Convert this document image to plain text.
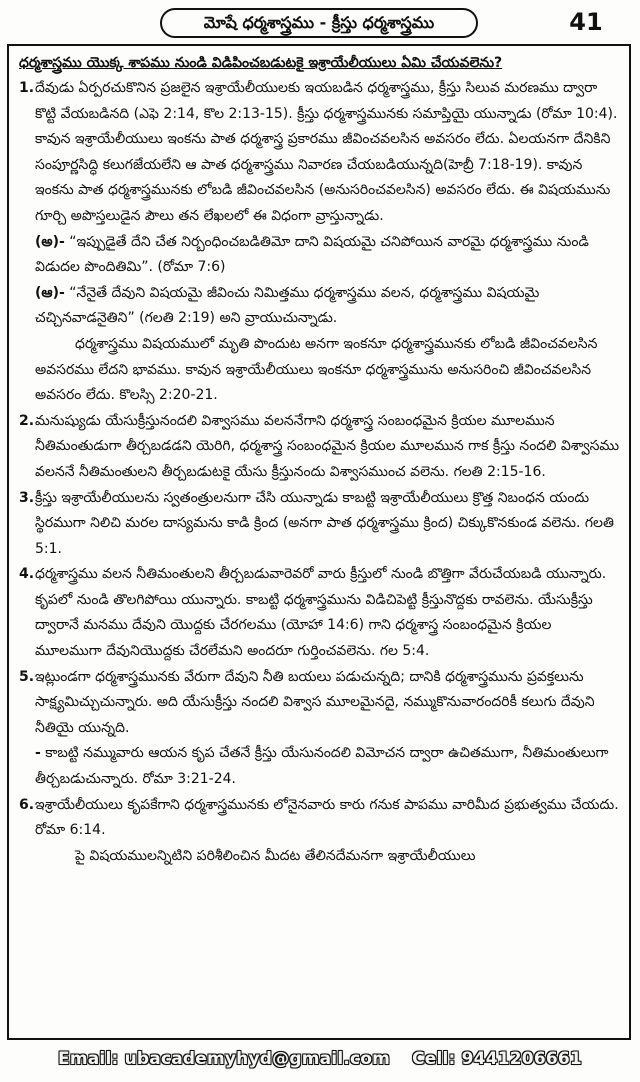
మోషే ధర్మశాస్త్రము - క్రీస్తు ధర్మశాస్త్రము	41
ధర్మశాస్త్రము యొక్క శాపము నుండి విడిపించబడుటకై ఇశ్రాయేలీయులు ఏమి చేయవలెను?
1. దేవుడు ఏర్పరచుకొనిన ప్రజలైన ఇశ్రాయేలీయులకు ఇయబడిన ధర్మశాస్త్రము, క్రీస్తు సిలువ మరణము ద్వారా కొట్టి వేయబడినది (ఎఫె 2:14, కొల 2:13-15). క్రీస్తు ధర్మశాస్త్రమునకు సమాప్తియై యున్నాడు (రోమా 10:4). కావున ఇశ్రాయేలీయులు ఇంకను పాత ధర్మశాస్త్ర ప్రకారము జీవించవలసిన అవసరం లేదు. ఏలయనగా దేనికిని సంపూర్ణసిద్ధి కలుగజేయలేని ఆ పాత ధర్మశాస్త్రము నివారణ చేయబడియున్నది(హెబ్రీ 7:18-19). కావున ఇంకను పాత ధర్మశాస్త్రమునకు లోబడి జీవించవలసిన (అనుసరించవలసిన) అవసరం లేదు. ఈ విషయమును గూర్చి అపొస్తలుడైన పౌలు తన లేఖలలో ఈ విధంగా వ్రాస్తున్నాడు.

(అ)- “ఇప్పుడైతే దేని చేత నిర్బంధించబడితిమో దాని విషయమై చనిపోయిన వారమై ధర్మశాస్త్రము నుండి విడుదల పొందితిమి”. (రోమా 7:6)

(ఆ)- “నేనైతే దేవుని విషయమై జీవించు నిమిత్తము ధర్మశాస్త్రము వలన, ధర్మశాస్త్రము విషయమై చచ్చినవాడనైతిని” (గలతి 2:19) అని వ్రాయుచున్నాడు.

ధర్మశాస్త్రము విషయములో మృతి పొందుట అనగా ఇంకనూ ధర్మశాస్త్రమునకు లోబడి జీవించవలసిన అవసరము లేదని భావము. కావున ఇశ్రాయేలీయులు ఇంకనూ ధర్మశాస్త్రమును అనుసరించి జీవించవలసిన అవసరం లేదు. కొలస్సి 2:20-21.

2. మనుష్యుడు యేసుక్రీస్తునందలి విశ్వాసము వలననేగాని ధర్మశాస్త్ర సంబంధమైన క్రియల మూలమున నీతిమంతుడుగా తీర్చబడడని యెరిగి, ధర్మశాస్త్ర సంబంధమైన క్రియల మూలమున గాక క్రీస్తు నందలి విశ్వాసము వలననే నీతిమంతులని తీర్చబడుటకై యేసు క్రీస్తునందు విశ్వాసముంచ వలెను. గలతి 2:15-16.
3. క్రీస్తు ఇశ్రాయేలీయులను స్వతంత్రులనుగా చేసి యున్నాడు కాబట్టి ఇశ్రాయేలీయులు క్రొత్త నిబంధన యందు స్థిరముగా నిలిచి మరల దాస్యమను కాడి క్రింద (అనగా పాత ధర్మశాస్త్రము క్రింద) చిక్కుకొనకుండ వలెను. గలతి 5:1.
4. ధర్మశాస్త్రము వలన నీతిమంతులని తీర్చబడువారెవరో వారు క్రీస్తులో నుండి బొత్తిగా వేరుచేయబడి యున్నారు. కృపలో నుండి తొలగిపోయి యున్నారు. కాబట్టి ధర్మశాస్త్రమును విడిచిపెట్టి క్రీస్తునొద్దకు రావలెను. యేసుక్రీస్తు ద్వారానే మనము దేవుని యొద్దకు చేరగలము (యోహా 14:6) గాని ధర్మశాస్త్ర సంబంధమైన క్రియల మూలముగా దేవునియొద్దకు చేరలేమని అందరూ గుర్తించవలెను. గల 5:4.
5. ఇట్లుండగా ధర్మశాస్త్రమునకు వేరుగా దేవుని నీతి బయలు పడుచున్నది; దానికి ధర్మశాస్త్రమును ప్రవక్తలును సాక్ష్యమిచ్చుచున్నారు. అది యేసుక్రీస్తు నందలి విశ్వాస మూలమైనదై, నమ్ముకొనువారందరికీ కలుగు దేవుని నీతియై యున్నది.

- కాబట్టి నమ్మువారు ఆయన కృప చేతనే క్రీస్తు యేసునందలి విమోచన ద్వారా ఉచితముగా, నీతిమంతులుగా తీర్చబడుచున్నారు. రోమా 3:21-24.

6. ఇశ్రాయేలీయులు కృపకేగాని ధర్మశాస్త్రమునకు లోనైనవారు కారు గనుక పాపము వారిమీద ప్రభుత్వము చేయదు. రోమా 6:14.

పై విషయములన్నిటిని పరిశీలించిన మీదట తేలినదేమనగా ఇశ్రాయేలీయులు

Email: ubacademyhyd@gmail.com Cell: 9441206661
